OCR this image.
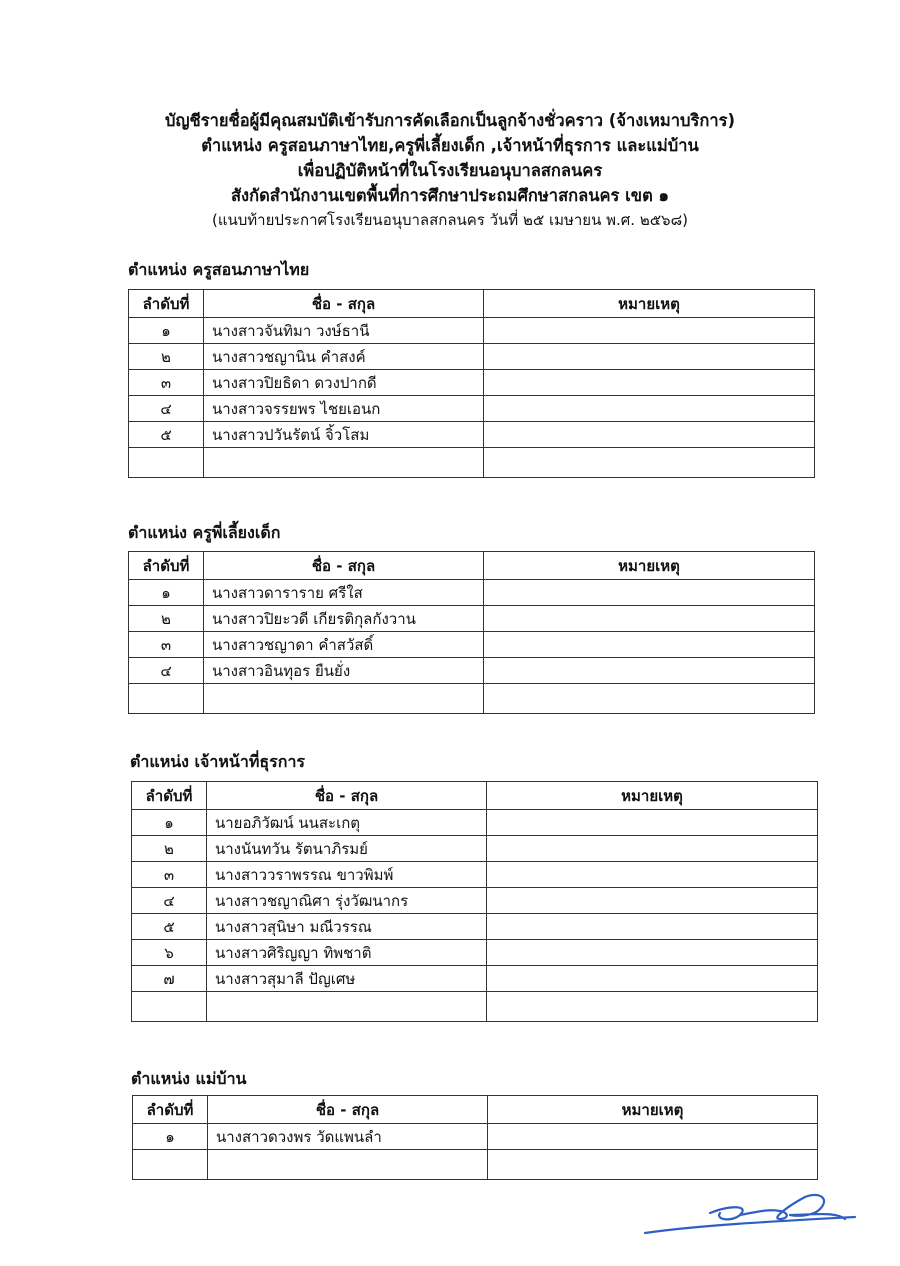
บัญชีรายชื่อผู้มีคุณสมบัติเข้ารับการคัดเลือกเป็นลูกจ้างชั่วคราว (จ้างเหมาบริการ)
ตำแหน่ง ครูสอนภาษาไทย,ครูพี่เลี้ยงเด็ก ,เจ้าหน้าที่ธุรการ และแม่บ้าน
เพื่อปฏิบัติหน้าที่ในโรงเรียนอนุบาลสกลนคร
สังกัดสำนักงานเขตพื้นที่การศึกษาประถมศึกษาสกลนคร เขต ๑
(แนบท้ายประกาศโรงเรียนอนุบาลสกลนคร วันที่ ๒๕ เมษายน พ.ศ. ๒๕๖๘)
ตำแหน่ง ครูสอนภาษาไทย
ลำดับที่	ชื่อ - สกุล	หมายเหตุ
๑	นางสาวจันทิมา วงษ์ธานี	
๒	นางสาวชญานิน คำสงค์	
๓	นางสาวปิยธิดา ดวงปากดี	
๔	นางสาวจรรยพร ไชยเอนก	
๕	นางสาวปวันรัตน์ จิ้วโสม	

ตำแหน่ง ครูพี่เลี้ยงเด็ก
ลำดับที่	ชื่อ - สกุล	หมายเหตุ
๑	นางสาวดาราราย ศรีใส	
๒	นางสาวปิยะวดี เกียรติกุลกังวาน	
๓	นางสาวชญาดา คำสวัสดิ์	
๔	นางสาวอินทุอร ยืนยั่ง	

ตำแหน่ง เจ้าหน้าที่ธุรการ
ลำดับที่	ชื่อ - สกุล	หมายเหตุ
๑	นายอภิวัฒน์ นนสะเกตุ	
๒	นางนันทวัน รัตนาภิรมย์	
๓	นางสาววราพรรณ ขาวพิมพ์	
๔	นางสาวชญาณิศา รุ่งวัฒนากร	
๕	นางสาวสุนิษา มณีวรรณ	
๖	นางสาวศิริญญา ทิพชาติ	
๗	นางสาวสุมาลี ปัญเศษ	

ตำแหน่ง แม่บ้าน
ลำดับที่	ชื่อ - สกุล	หมายเหตุ
๑	นางสาวดวงพร วัดแพนลำ	
